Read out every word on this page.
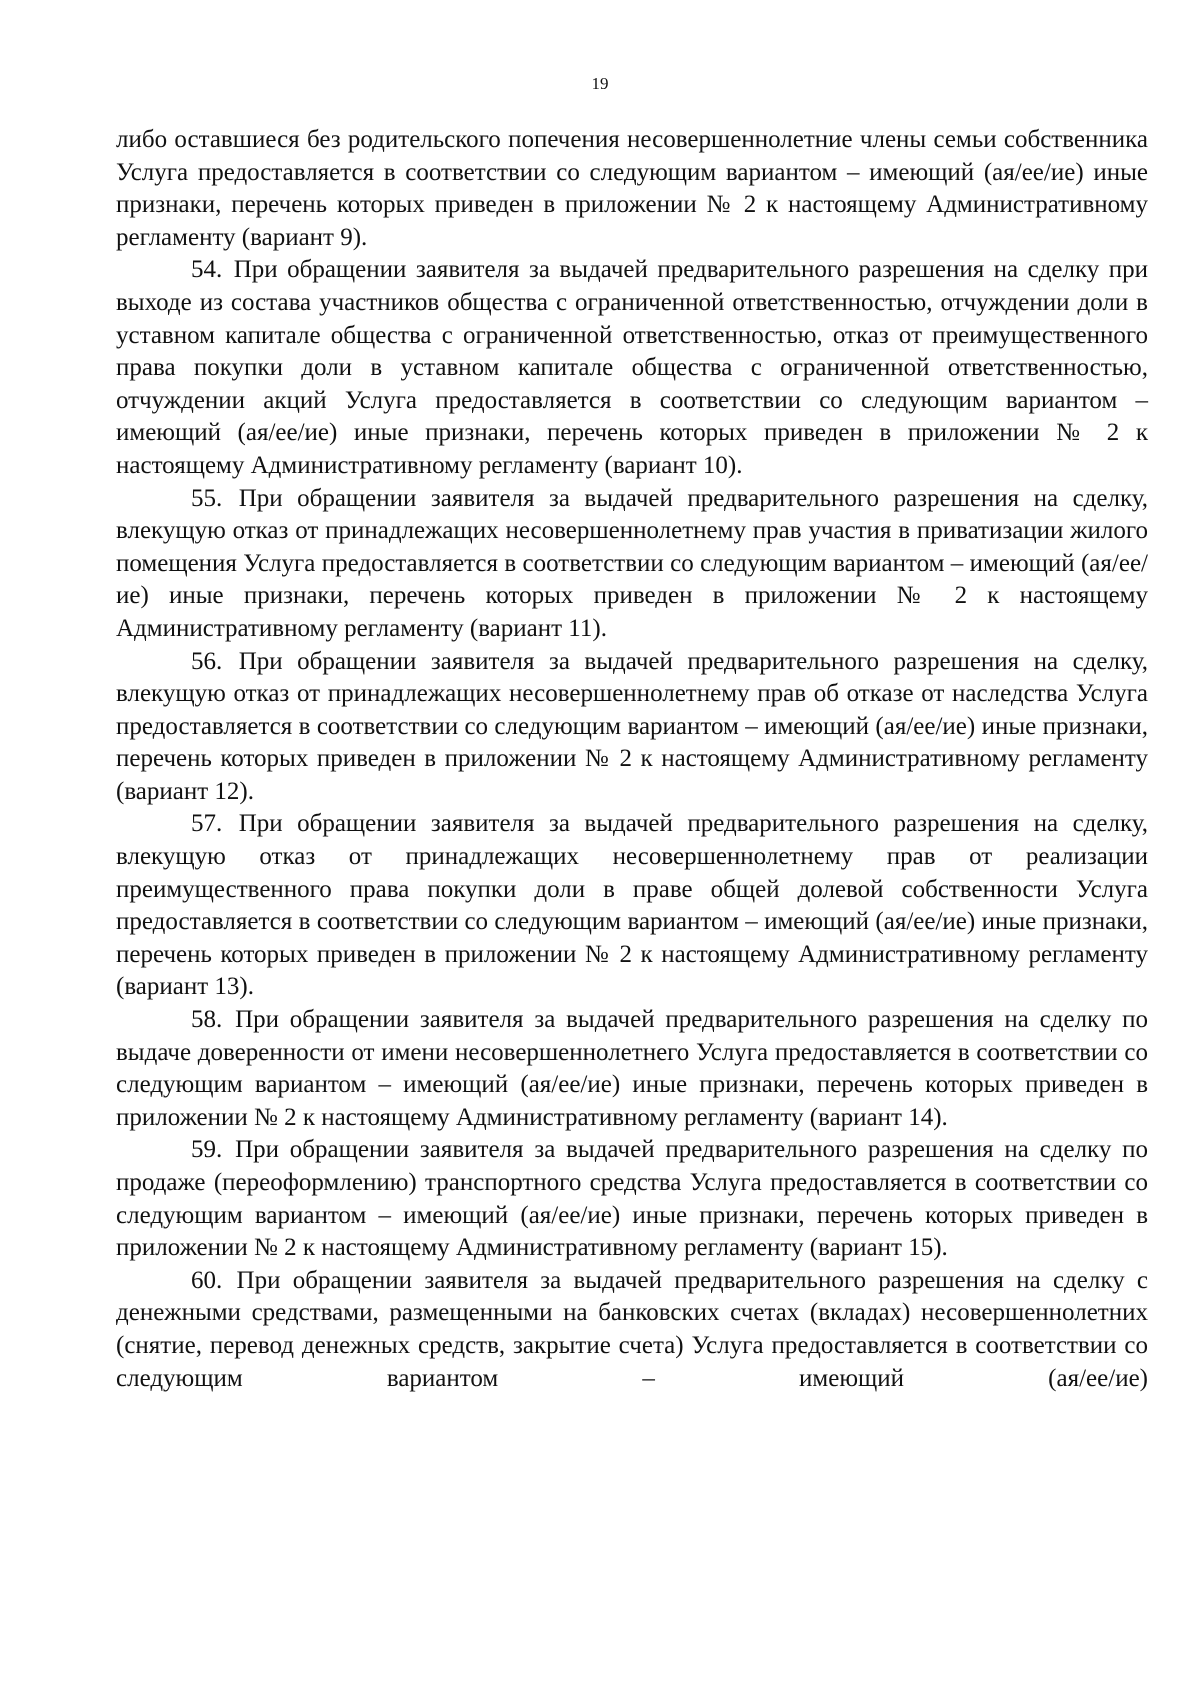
19

либо оставшиеся без родительского попечения несовершеннолетние члены семьи собственника Услуга предоставляется в соответствии со следующим вариантом – имеющий (ая/ее/ие) иные признаки, перечень которых приведен в приложении № 2 к настоящему Административному регламенту (вариант 9).

54. При обращении заявителя за выдачей предварительного разрешения на сделку при выходе из состава участников общества с ограниченной ответственностью, отчуждении доли в уставном капитале общества с ограниченной ответственностью, отказ от преимущественного права покупки доли в уставном капитале общества с ограниченной ответственностью, отчуждении акций Услуга предоставляется в соответствии со следующим вариантом – имеющий (ая/ее/ие) иные признаки, перечень которых приведен в приложении № 2 к настоящему Административному регламенту (вариант 10).

55. При обращении заявителя за выдачей предварительного разрешения на сделку, влекущую отказ от принадлежащих несовершеннолетнему прав участия в приватизации жилого помещения Услуга предоставляется в соответствии со следующим вариантом – имеющий (ая/ее/ие) иные признаки, перечень которых приведен в приложении № 2 к настоящему Административному регламенту (вариант 11).

56. При обращении заявителя за выдачей предварительного разрешения на сделку, влекущую отказ от принадлежащих несовершеннолетнему прав об отказе от наследства Услуга предоставляется в соответствии со следующим вариантом – имеющий (ая/ее/ие) иные признаки, перечень которых приведен в приложении № 2 к настоящему Административному регламенту (вариант 12).

57. При обращении заявителя за выдачей предварительного разрешения на сделку, влекущую отказ от принадлежащих несовершеннолетнему прав от реализации преимущественного права покупки доли в праве общей долевой собственности Услуга предоставляется в соответствии со следующим вариантом – имеющий (ая/ее/ие) иные признаки, перечень которых приведен в приложении № 2 к настоящему Административному регламенту (вариант 13).

58. При обращении заявителя за выдачей предварительного разрешения на сделку по выдаче доверенности от имени несовершеннолетнего Услуга предоставляется в соответствии со следующим вариантом – имеющий (ая/ее/ие) иные признаки, перечень которых приведен в приложении № 2 к настоящему Административному регламенту (вариант 14).

59. При обращении заявителя за выдачей предварительного разрешения на сделку по продаже (переоформлению) транспортного средства Услуга предоставляется в соответствии со следующим вариантом – имеющий (ая/ее/ие) иные признаки, перечень которых приведен в приложении № 2 к настоящему Административному регламенту (вариант 15).

60. При обращении заявителя за выдачей предварительного разрешения на сделку с денежными средствами, размещенными на банковских счетах (вкладах) несовершеннолетних (снятие, перевод денежных средств, закрытие счета) Услуга предоставляется в соответствии со следующим вариантом – имеющий (ая/ее/ие)
